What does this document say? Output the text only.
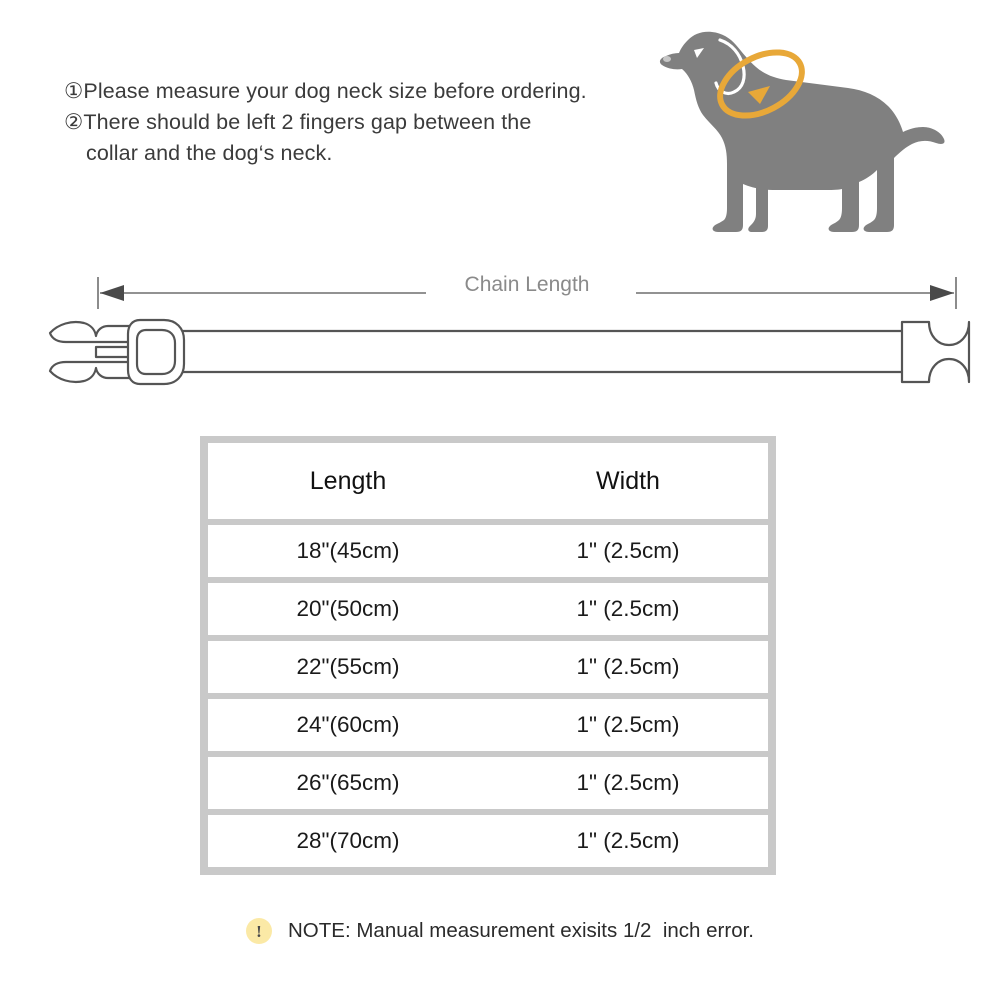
①Please measure your dog neck size before ordering.
②There should be left 2 fingers gap between the
collar and the dog‘s neck.
Chain Length
Length	Width
18"(45cm)	1" (2.5cm)
20"(50cm)	1" (2.5cm)
22"(55cm)	1" (2.5cm)
24"(60cm)	1" (2.5cm)
26"(65cm)	1" (2.5cm)
28"(70cm)	1" (2.5cm)
! NOTE: Manual measurement exisits 1/2  inch error.
